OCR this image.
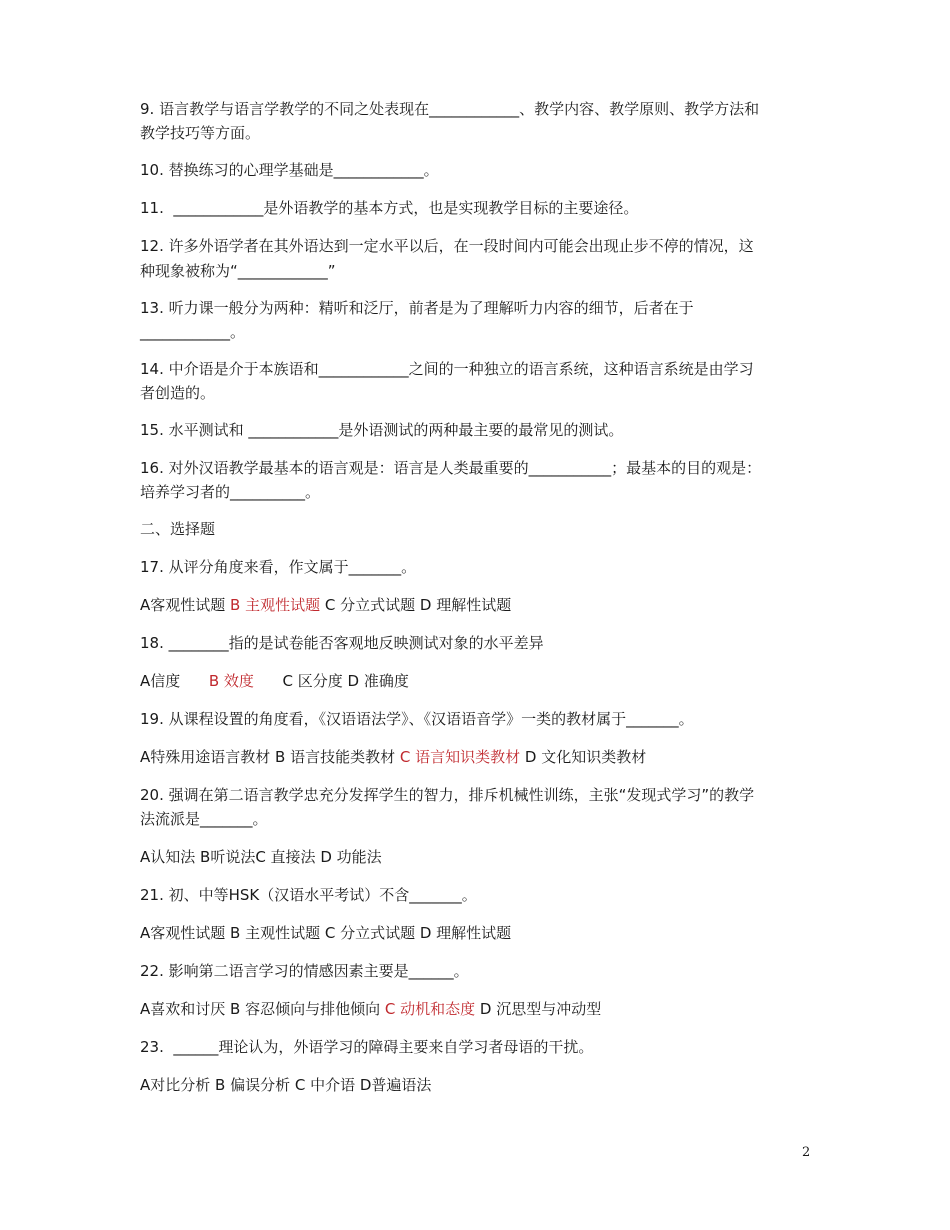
9. 语言教学与语言学教学的不同之处表现在____________、教学内容、教学原则、教学方法和

教学技巧等方面。

10. 替换练习的心理学基础是____________。

11.  ____________是外语教学的基本方式，也是实现教学目标的主要途径。

12. 许多外语学者在其外语达到一定水平以后，在一段时间内可能会出现止步不停的情况，这

种现象被称为“____________”

13. 听力课一般分为两种：精听和泛厅，前者是为了理解听力内容的细节，后者在于

____________。

14. 中介语是介于本族语和____________之间的一种独立的语言系统，这种语言系统是由学习

者创造的。

15. 水平测试和 ____________是外语测试的两种最主要的最常见的测试。

16. 对外汉语教学最基本的语言观是：语言是人类最重要的___________；最基本的目的观是：

培养学习者的__________。

二、选择题

17. 从评分角度来看，作文属于_______。

A客观性试题 B 主观性试题 C 分立式试题 D 理解性试题

18. ________指的是试卷能否客观地反映测试对象的水平差异

A信度      B 效度      C 区分度 D 准确度

19. 从课程设置的角度看，《汉语语法学》、《汉语语音学》一类的教材属于_______。

A特殊用途语言教材 B 语言技能类教材 C 语言知识类教材 D 文化知识类教材

20. 强调在第二语言教学忠充分发挥学生的智力，排斥机械性训练，主张“发现式学习”的教学

法流派是_______。

A认知法 B听说法C 直接法 D 功能法

21. 初、中等HSK（汉语水平考试）不含_______。

A客观性试题 B 主观性试题 C 分立式试题 D 理解性试题

22. 影响第二语言学习的情感因素主要是______。

A喜欢和讨厌 B 容忍倾向与排他倾向 C 动机和态度 D 沉思型与冲动型

23.  ______理论认为，外语学习的障碍主要来自学习者母语的干扰。

A对比分析 B 偏误分析 C 中介语 D普遍语法

2
